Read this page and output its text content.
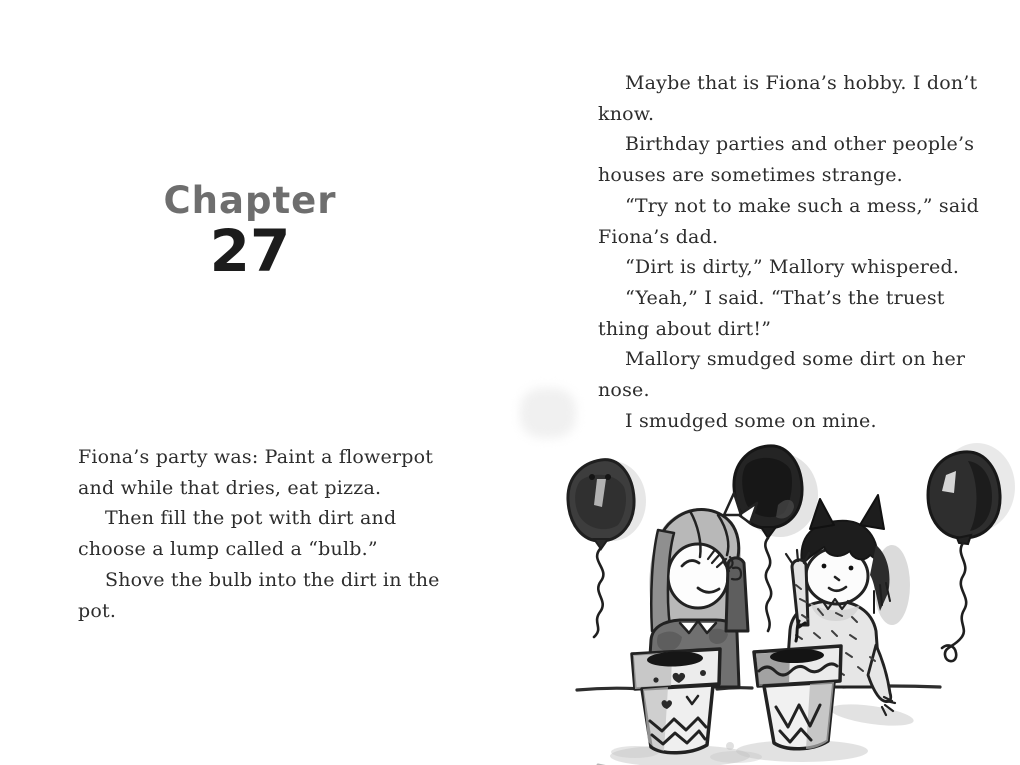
Chapter
27
Fiona’s party was: Paint a flowerpot
and while that dries, eat pizza.
Then fill the pot with dirt and
choose a lump called a “bulb.”
Shove the bulb into the dirt in the
pot.
Maybe that is Fiona’s hobby. I don’t
know.
Birthday parties and other people’s
houses are sometimes strange.
“Try not to make such a mess,” said
Fiona’s dad.
“Dirt is dirty,” Mallory whispered.
“Yeah,” I said. “That’s the truest
thing about dirt!”
Mallory smudged some dirt on her
nose.
I smudged some on mine.
